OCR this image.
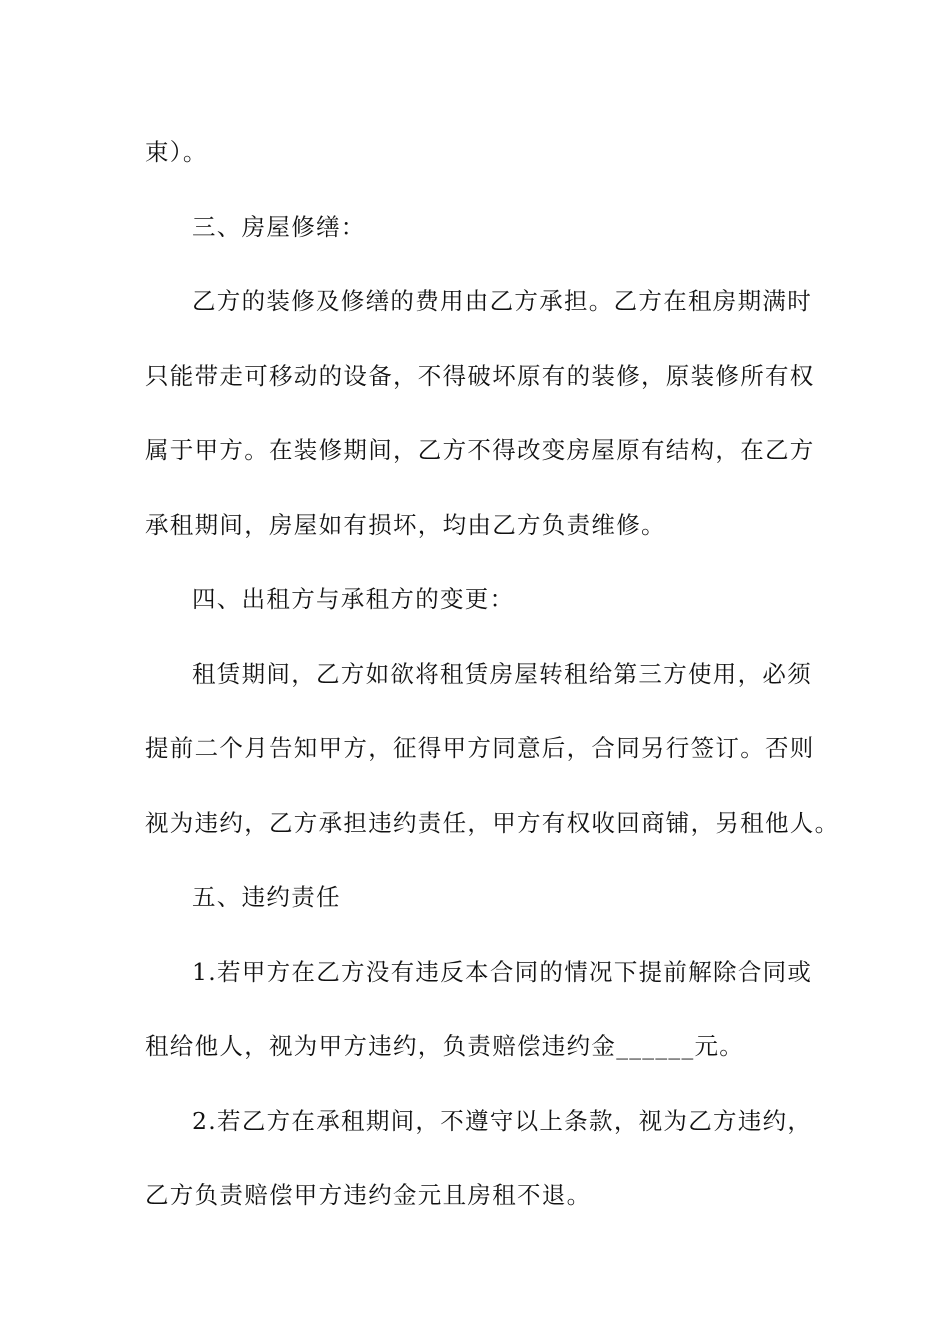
束）。
三、房屋修缮：
乙方的装修及修缮的费用由乙方承担。乙方在租房期满时
只能带走可移动的设备，不得破坏原有的装修，原装修所有权
属于甲方。在装修期间，乙方不得改变房屋原有结构，在乙方
承租期间，房屋如有损坏，均由乙方负责维修。
四、出租方与承租方的变更：
租赁期间，乙方如欲将租赁房屋转租给第三方使用，必须
提前二个月告知甲方，征得甲方同意后，合同另行签订。否则
视为违约，乙方承担违约责任，甲方有权收回商铺，另租他人。
五、违约责任
1.若甲方在乙方没有违反本合同的情况下提前解除合同或
租给他人，视为甲方违约，负责赔偿违约金______元。
2.若乙方在承租期间，不遵守以上条款，视为乙方违约，
乙方负责赔偿甲方违约金元且房租不退。
